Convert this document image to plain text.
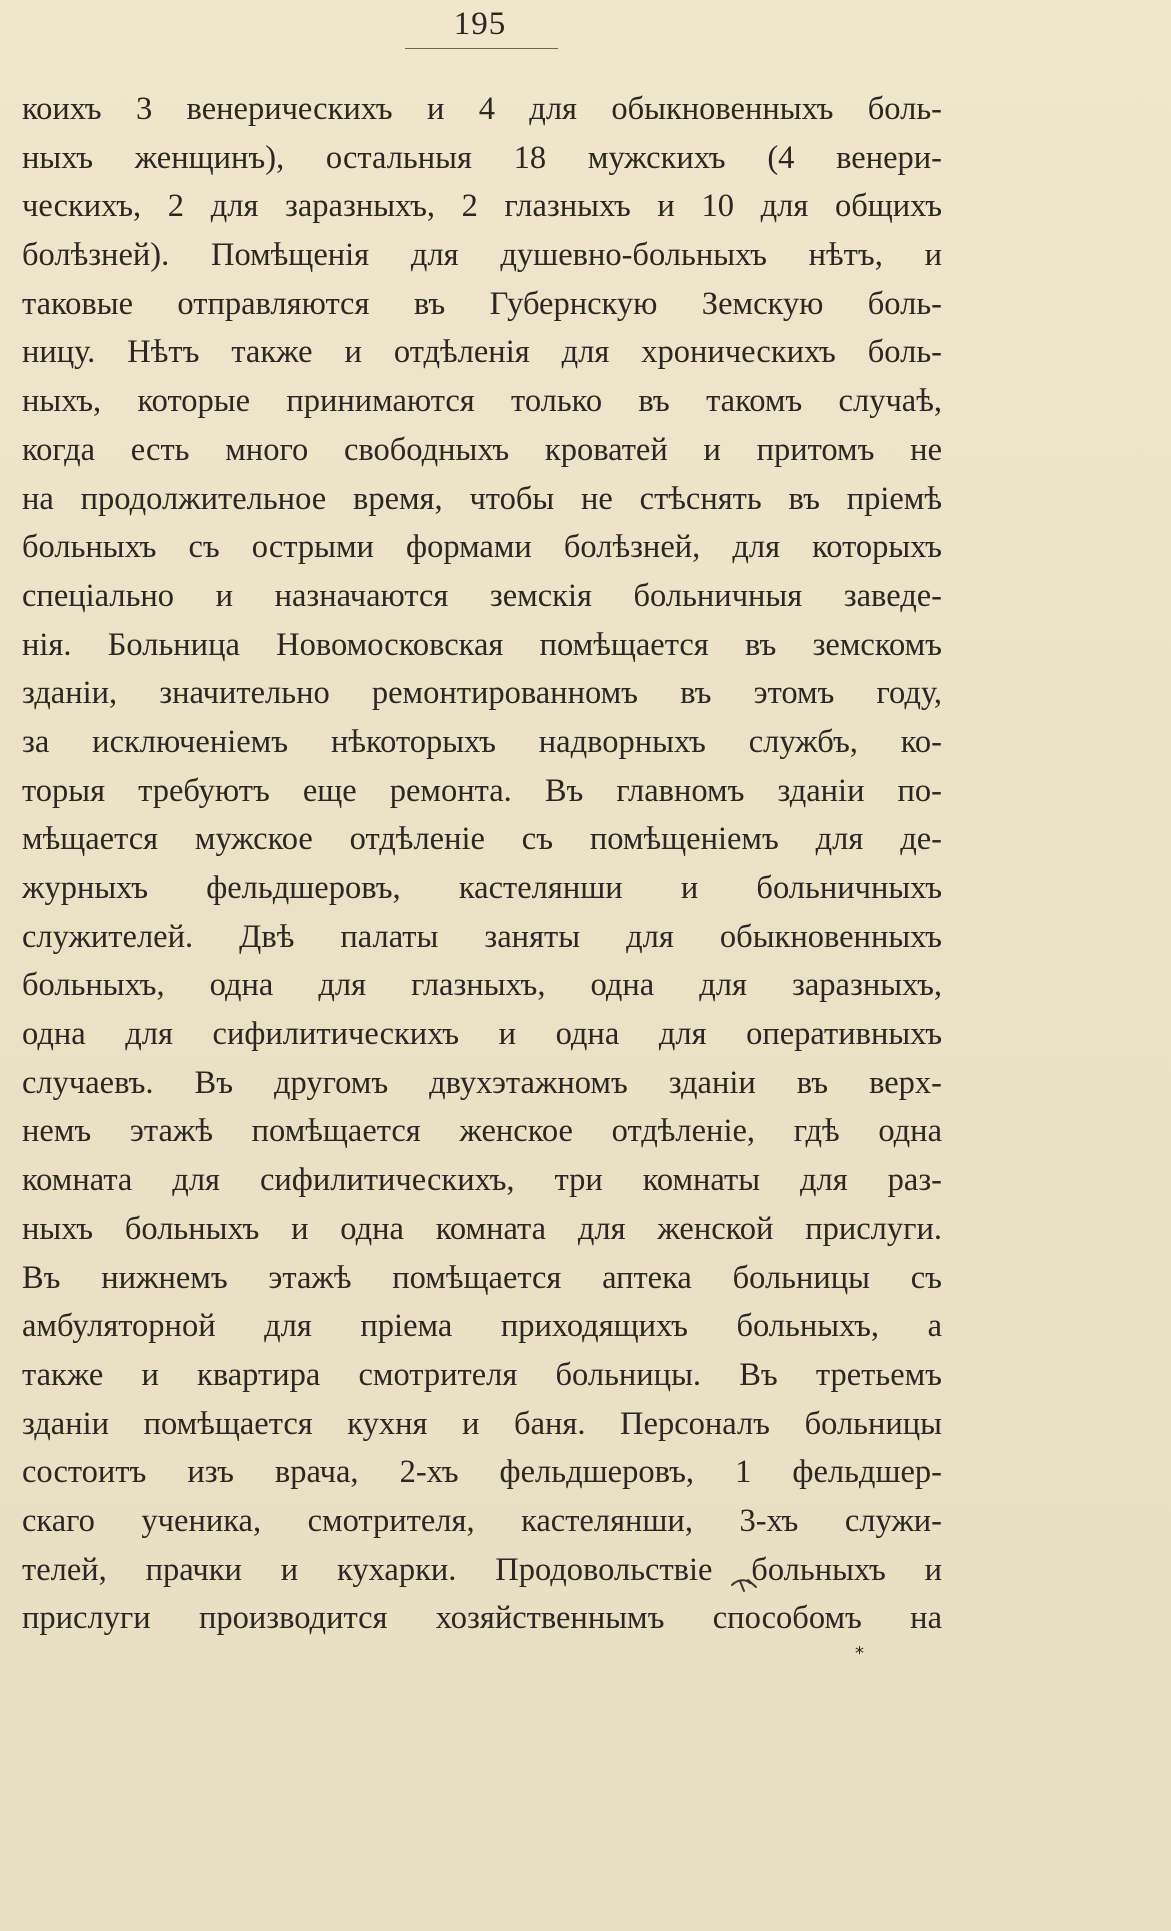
195
коихъ 3 венерическихъ и 4 для обыкновенныхъ боль-
ныхъ женщинъ), остальныя 18 мужскихъ (4 венери-
ческихъ, 2 для заразныхъ, 2 глазныхъ и 10 для общихъ
болѣзней). Помѣщенія для душевно-больныхъ нѣтъ, и
таковые отправляются въ Губернскую Земскую боль-
ницу. Нѣтъ также и отдѣленія для хроническихъ боль-
ныхъ, которые принимаются только въ такомъ случаѣ,
когда есть много свободныхъ кроватей и притомъ не
на продолжительное время, чтобы не стѣснять въ пріемѣ
больныхъ съ острыми формами болѣзней, для которыхъ
спеціально и назначаются земскія больничныя заведе-
нія. Больница Новомосковская помѣщается въ земскомъ
зданіи, значительно ремонтированномъ въ этомъ году,
за исключеніемъ нѣкоторыхъ надворныхъ службъ, ко-
торыя требуютъ еще ремонта. Въ главномъ зданіи по-
мѣщается мужское отдѣленіе съ помѣщеніемъ для де-
журныхъ фельдшеровъ, кастелянши и больничныхъ
служителей. Двѣ палаты заняты для обыкновенныхъ
больныхъ, одна для глазныхъ, одна для заразныхъ,
одна для сифилитическихъ и одна для оперативныхъ
случаевъ. Въ другомъ двухэтажномъ зданіи въ верх-
немъ этажѣ помѣщается женское отдѣленіе, гдѣ одна
комната для сифилитическихъ, три комнаты для раз-
ныхъ больныхъ и одна комната для женской прислуги.
Въ нижнемъ этажѣ помѣщается аптека больницы съ
амбуляторной для пріема приходящихъ больныхъ, а
также и квартира смотрителя больницы. Въ третьемъ
зданіи помѣщается кухня и баня. Персоналъ больницы
состоитъ изъ врача, 2-хъ фельдшеровъ, 1 фельдшер-
скаго ученика, смотрителя, кастелянши, 3-хъ служи-
телей, прачки и кухарки. Продовольствіе больныхъ и
прислуги производится хозяйственнымъ способомъ на
*
